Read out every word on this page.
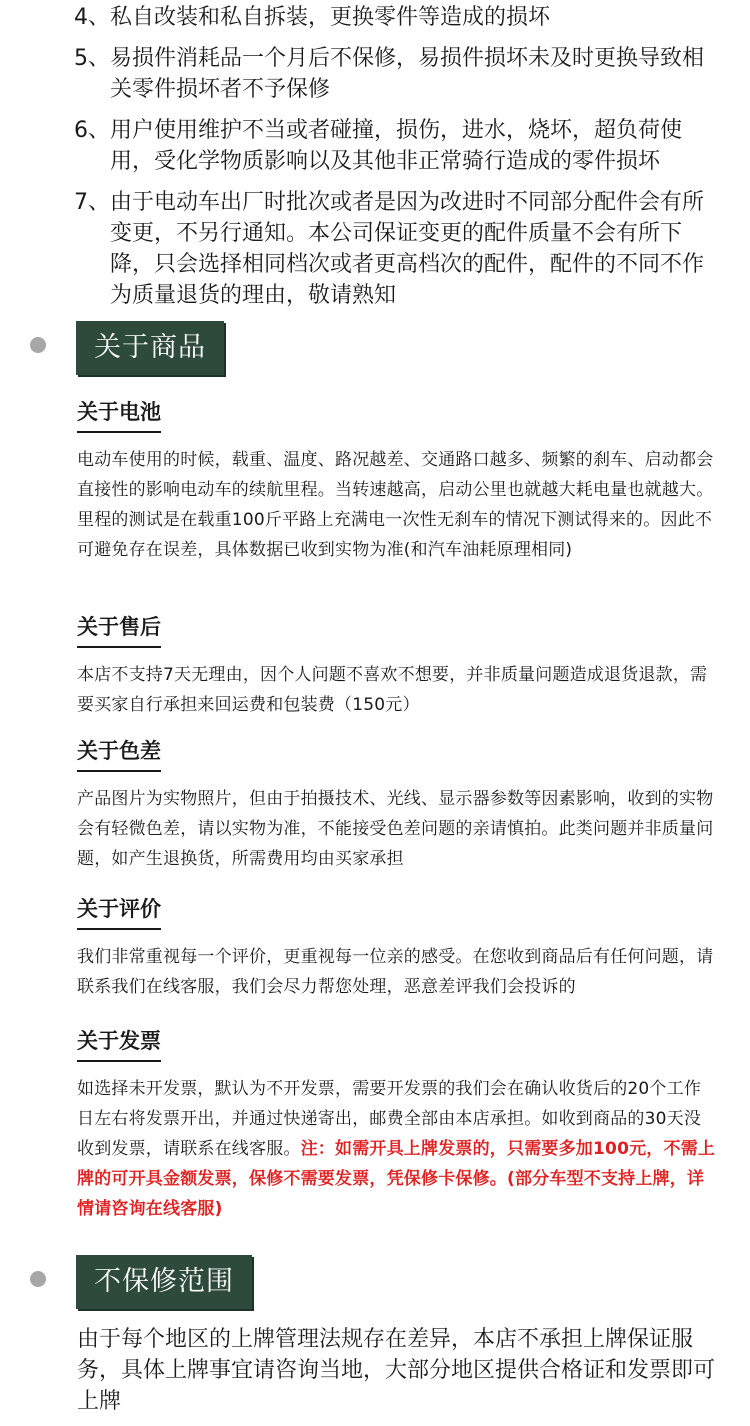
4、 私自改装和私自拆装，更换零件等造成的损坏
5、 易损件消耗品一个月后不保修，易损件损坏未及时更换导致相关零件损坏者不予保修
6、 用户使用维护不当或者碰撞，损伤，进水，烧坏，超负荷使用，受化学物质影响以及其他非正常骑行造成的零件损坏
7、 由于电动车出厂时批次或者是因为改进时不同部分配件会有所变更，不另行通知。本公司保证变更的配件质量不会有所下降，只会选择相同档次或者更高档次的配件，配件的不同不作为质量退货的理由，敬请熟知
关于商品
关于电池
电动车使用的时候，载重、温度、路况越差、交通路口越多、频繁的刹车、启动都会直接性的影响电动车的续航里程。当转速越高，启动公里也就越大耗电量也就越大。里程的测试是在载重100斤平路上充满电一次性无刹车的情况下测试得来的。因此不可避免存在误差，具体数据已收到实物为准(和汽车油耗原理相同)
关于售后
本店不支持7天无理由，因个人问题不喜欢不想要，并非质量问题造成退货退款，需要买家自行承担来回运费和包装费（150元）
关于色差
产品图片为实物照片，但由于拍摄技术、光线、显示器参数等因素影响，收到的实物会有轻微色差，请以实物为准，不能接受色差问题的亲请慎拍。此类问题并非质量问题，如产生退换货，所需费用均由买家承担
关于评价
我们非常重视每一个评价，更重视每一位亲的感受。在您收到商品后有任何问题，请联系我们在线客服，我们会尽力帮您处理，恶意差评我们会投诉的
关于发票
如选择未开发票，默认为不开发票，需要开发票的我们会在确认收货后的20个工作日左右将发票开出，并通过快递寄出，邮费全部由本店承担。如收到商品的30天没收到发票，请联系在线客服。注：如需开具上牌发票的，只需要多加100元，不需上牌的可开具金额发票，保修不需要发票，凭保修卡保修。(部分车型不支持上牌，详情请咨询在线客服)
不保修范围
由于每个地区的上牌管理法规存在差异，本店不承担上牌保证服务，具体上牌事宜请咨询当地，大部分地区提供合格证和发票即可上牌
